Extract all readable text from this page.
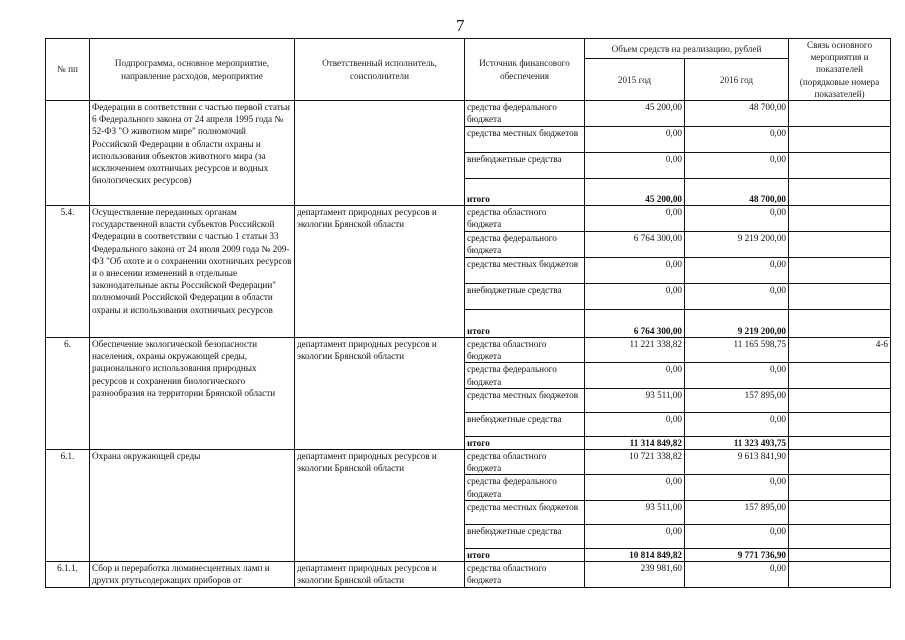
7
№ пп	Подпрограмма, основное мероприятие, направление расходов, мероприятие	Ответственный исполнитель, соисполнители	Источник финансового обеспечения	Объем средств на реализацию, рублей		Связь основного мероприятия и показателей (порядковые номера показателей)
				2015 год	2016 год	
	Федерации в соответствии с частью первой статьи 6 Федерального закона от 24 апреля 1995 года № 52-ФЗ "О животном мире" полномочий Российской Федерации в области охраны и использования объектов животного мира (за исключением охотничьих ресурсов и водных биологических ресурсов)		средства федерального бюджета	45 200,00	48 700,00	
			средства местных бюджетов	0,00	0,00	
			внебюджетные средства	0,00	0,00	
			итого	45 200,00	48 700,00	
5.4.	Осуществление переданных органам государственной власти субъектов Российской Федерации в соответствии с частью 1 статьи 33 Федерального закона от 24 июля 2009 года № 209-ФЗ "Об охоте и о сохранении охотничьих ресурсов и о внесении изменений в отдельные законодательные акты Российской Федерации" полномочий Российской Федерации в области охраны и использования охотничьих ресурсов	департамент природных ресурсов и экологии Брянской области	средства областного бюджета	0,00	0,00	
			средства федерального бюджета	6 764 300,00	9 219 200,00	
			средства местных бюджетов	0,00	0,00	
			внебюджетные средства	0,00	0,00	
			итого	6 764 300,00	9 219 200,00	
6.	Обеспечение экологической безопасности населения, охраны окружающей среды, рационального использования природных ресурсов и сохранения биологического разнообразия на территории Брянской области	департамент природных ресурсов и экологии Брянской области	средства областного бюджета	11 221 338,82	11 165 598,75	4-6
			средства федерального бюджета	0,00	0,00	
			средства местных бюджетов	93 511,00	157 895,00	
			внебюджетные средства	0,00	0,00	
			итого	11 314 849,82	11 323 493,75	
6.1.	Охрана окружающей среды	департамент природных ресурсов и экологии Брянской области	средства областного бюджета	10 721 338,82	9 613 841,90	
			средства федерального бюджета	0,00	0,00	
			средства местных бюджетов	93 511,00	157 895,00	
			внебюджетные средства	0,00	0,00	
			итого	10 814 849,82	9 771 736,90	
6.1.1.	Сбор и переработка люминесцентных ламп и других ртутьсодержащих приборов от	департамент природных ресурсов и экологии Брянской области	средства областного бюджета	239 981,60	0,00	
